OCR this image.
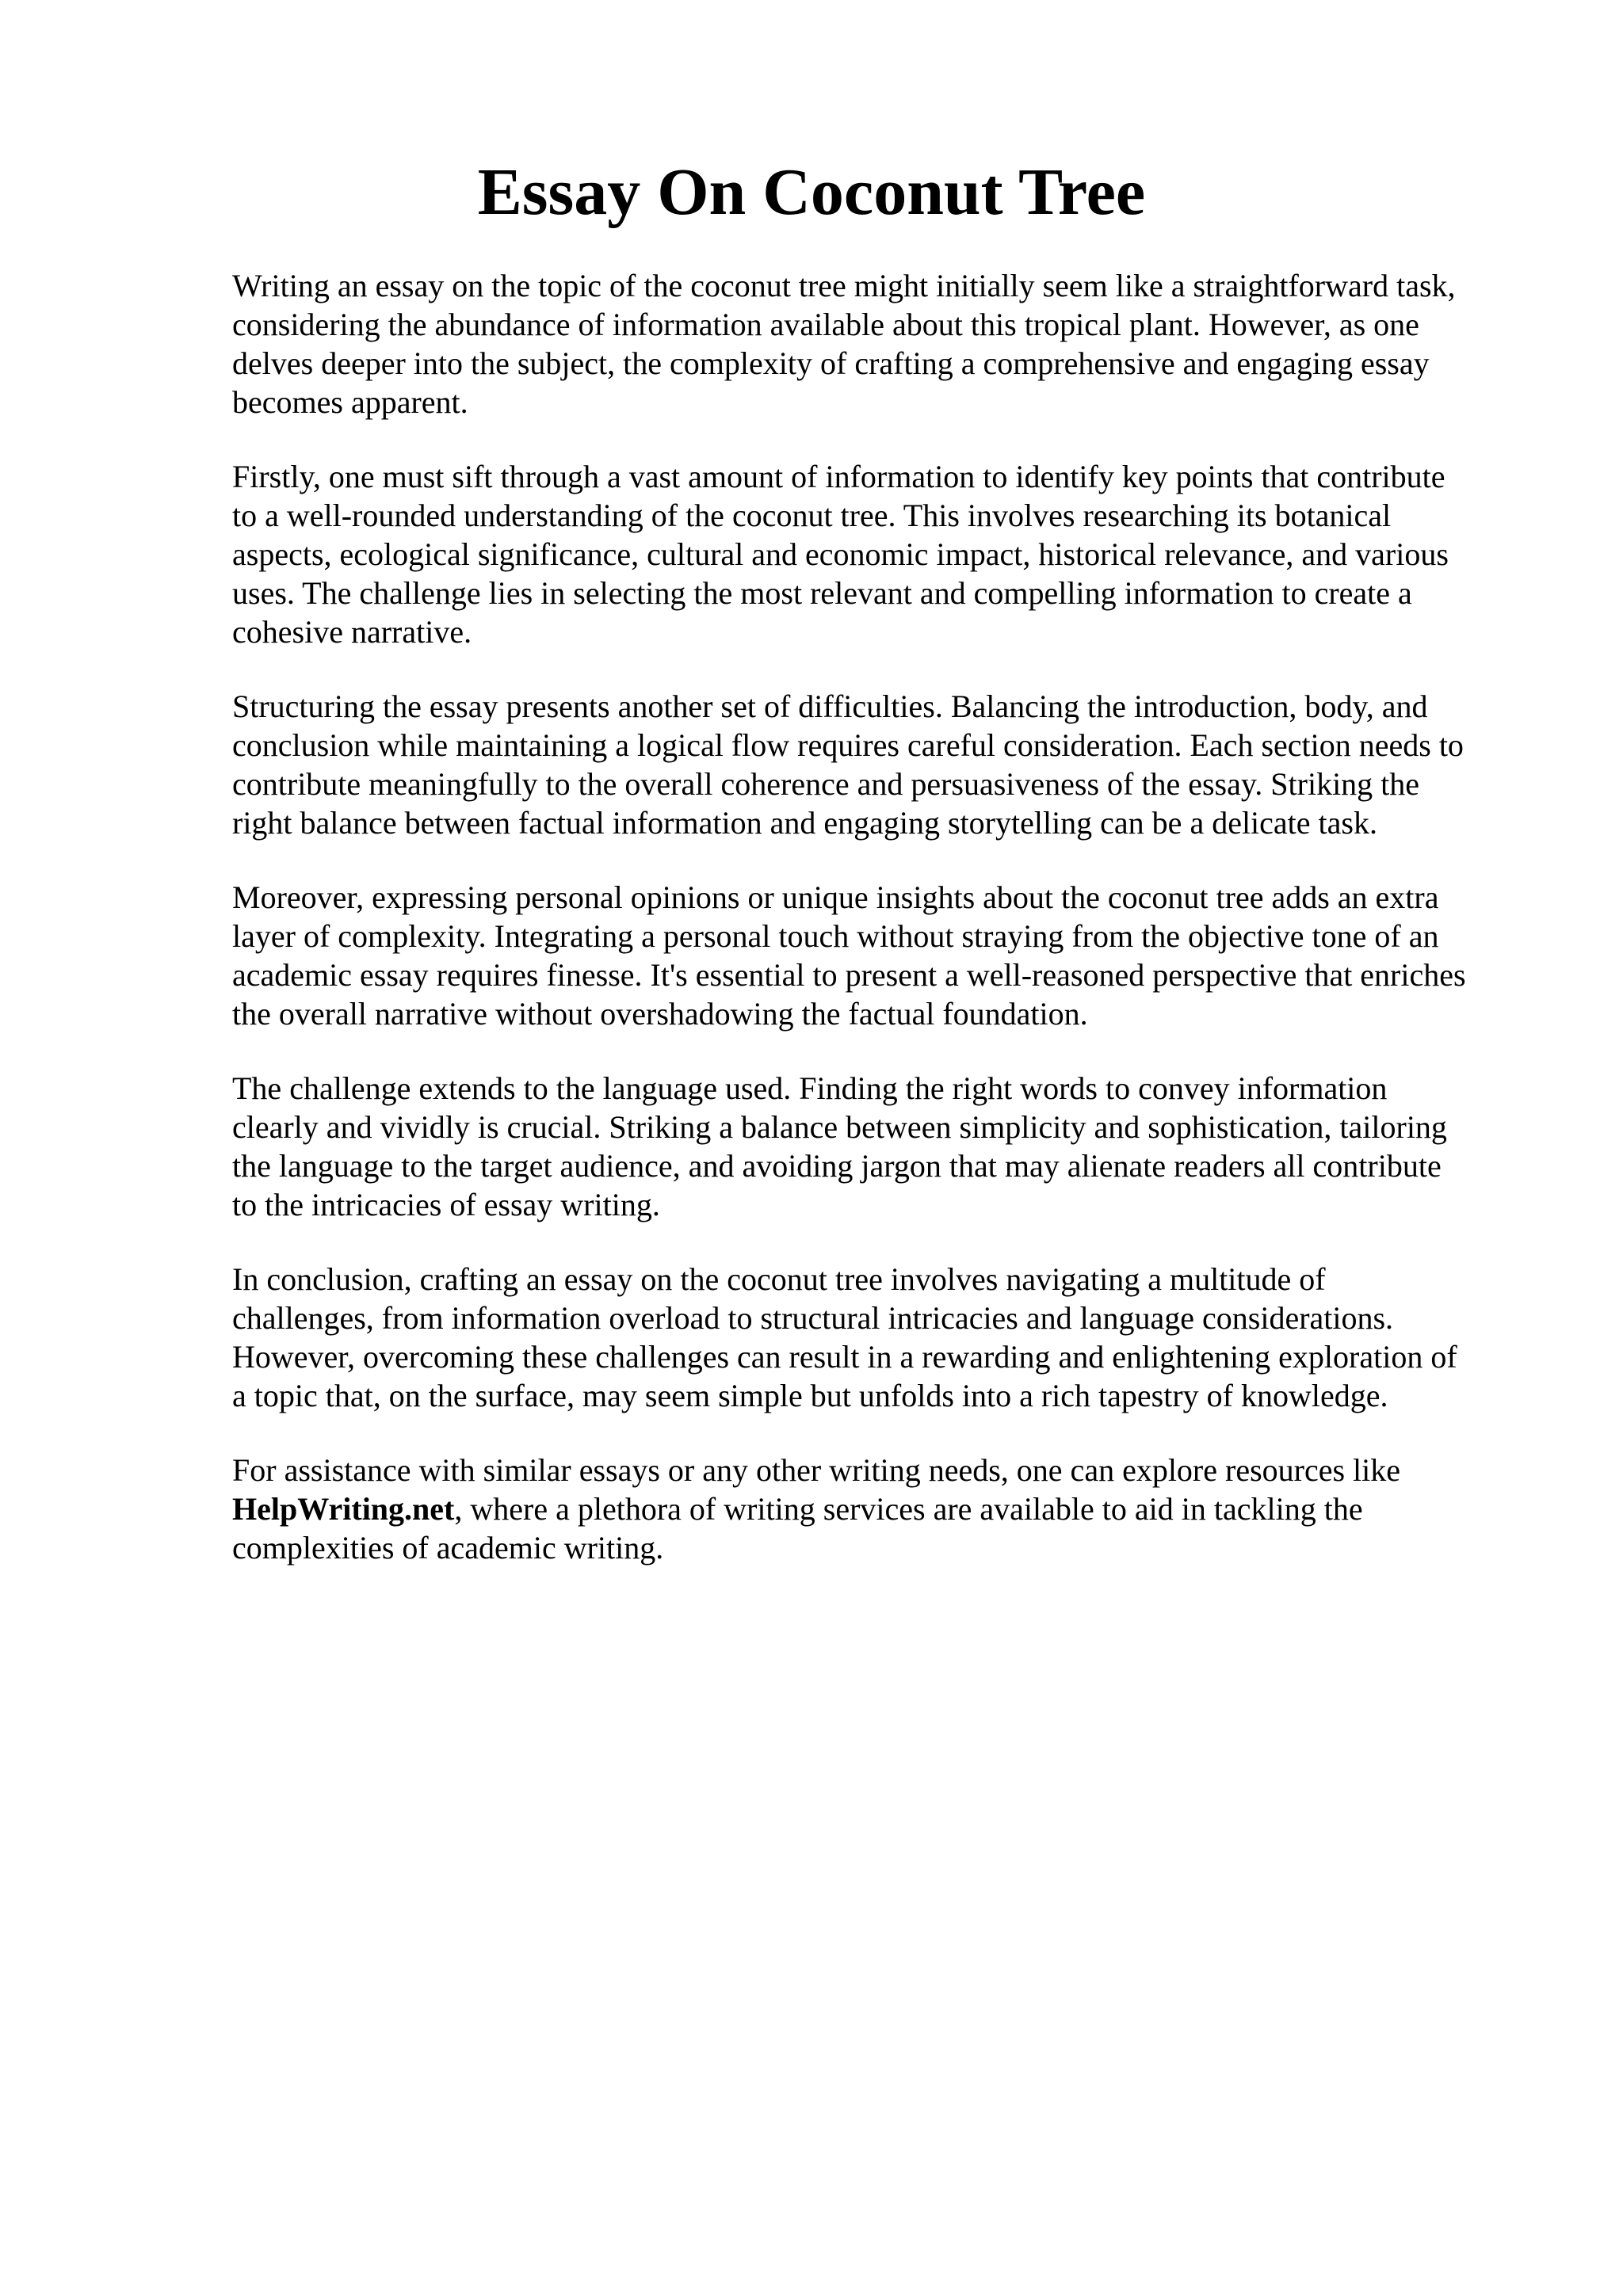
Essay On Coconut Tree

Writing an essay on the topic of the coconut tree might initially seem like a straightforward task,
considering the abundance of information available about this tropical plant. However, as one
delves deeper into the subject, the complexity of crafting a comprehensive and engaging essay
becomes apparent.

Firstly, one must sift through a vast amount of information to identify key points that contribute
to a well-rounded understanding of the coconut tree. This involves researching its botanical
aspects, ecological significance, cultural and economic impact, historical relevance, and various
uses. The challenge lies in selecting the most relevant and compelling information to create a
cohesive narrative.

Structuring the essay presents another set of difficulties. Balancing the introduction, body, and
conclusion while maintaining a logical flow requires careful consideration. Each section needs to
contribute meaningfully to the overall coherence and persuasiveness of the essay. Striking the
right balance between factual information and engaging storytelling can be a delicate task.

Moreover, expressing personal opinions or unique insights about the coconut tree adds an extra
layer of complexity. Integrating a personal touch without straying from the objective tone of an
academic essay requires finesse. It's essential to present a well-reasoned perspective that enriches
the overall narrative without overshadowing the factual foundation.

The challenge extends to the language used. Finding the right words to convey information
clearly and vividly is crucial. Striking a balance between simplicity and sophistication, tailoring
the language to the target audience, and avoiding jargon that may alienate readers all contribute
to the intricacies of essay writing.

In conclusion, crafting an essay on the coconut tree involves navigating a multitude of
challenges, from information overload to structural intricacies and language considerations.
However, overcoming these challenges can result in a rewarding and enlightening exploration of
a topic that, on the surface, may seem simple but unfolds into a rich tapestry of knowledge.

For assistance with similar essays or any other writing needs, one can explore resources like
HelpWriting.net, where a plethora of writing services are available to aid in tackling the
complexities of academic writing.
